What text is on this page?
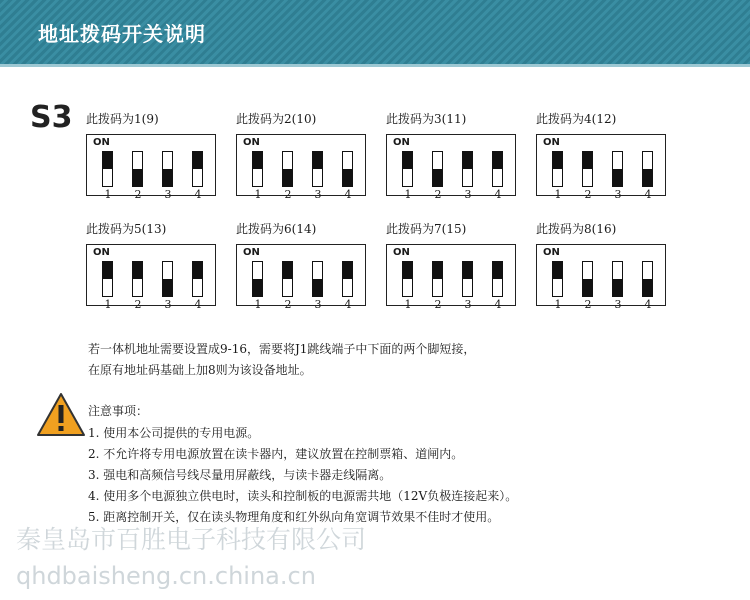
地址拨码开关说明
S3 此拨码为1(9)
ON
1 2 3 4
此拨码为2(10)
ON
1 2 3 4
此拨码为3(11)
ON
1 2 3 4
此拨码为4(12)
ON
1 2 3 4
此拨码为5(13)
ON
1 2 3 4
此拨码为6(14)
ON
1 2 3 4
此拨码为7(15)
ON
1 2 3 4
此拨码为8(16)
ON
1 2 3 4
若一体机地址需要设置成9-16，需要将J1跳线端子中下面的两个脚短接，
在原有地址码基础上加8则为该设备地址。
注意事项：
1. 使用本公司提供的专用电源。
2. 不允许将专用电源放置在读卡器内，建议放置在控制票箱、道闸内。
3. 强电和高频信号线尽量用屏蔽线，与读卡器走线隔离。
4. 使用多个电源独立供电时，读头和控制板的电源需共地（12V负极连接起来）。
5. 距离控制开关，仅在读头物理角度和红外纵向角宽调节效果不佳时才使用。
秦皇岛市百胜电子科技有限公司
qhdbaisheng.cn.china.cn
